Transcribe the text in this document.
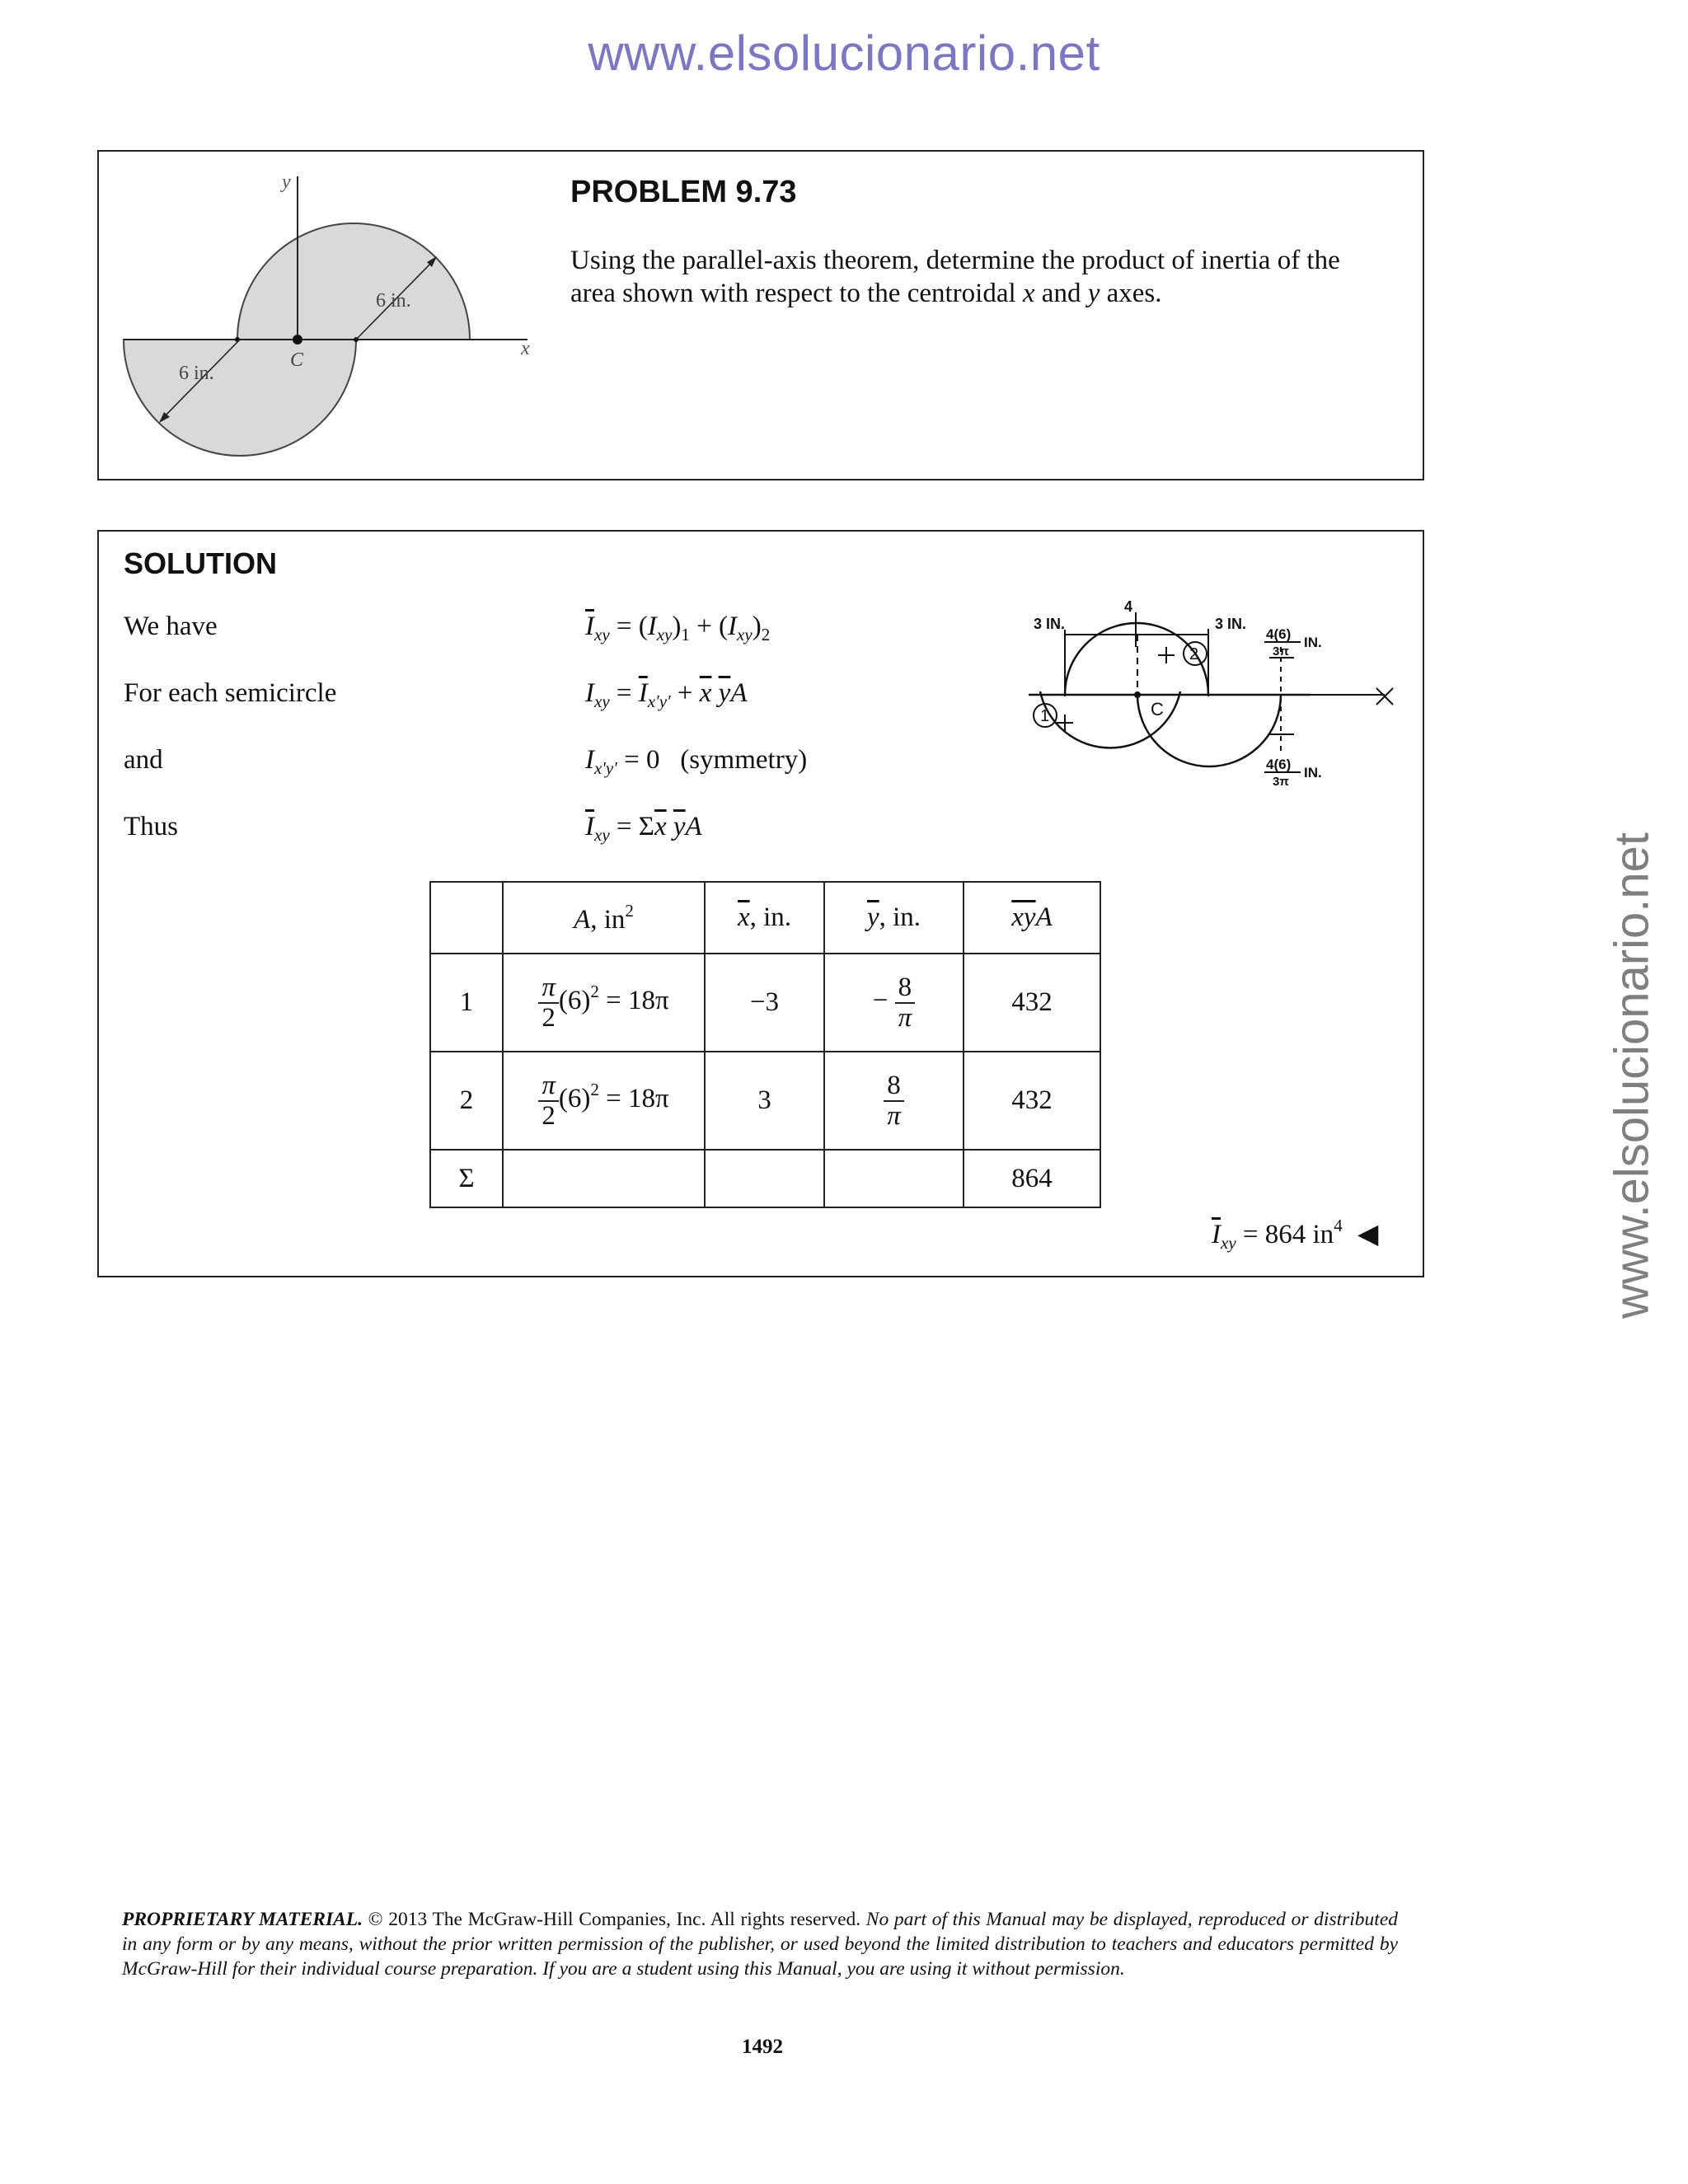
www.elsolucionario.net
www.elsolucionario.net
y
x
C
6 in.
6 in.
PROBLEM 9.73
Using the parallel-axis theorem, determine the product of inertia of the
area shown with respect to the centroidal x and y axes.
SOLUTION
We have
For each semicircle
and
Thus
$\overline{I}_{xy} = (I_{xy})_1 + (I_{xy})_2$
$I_{xy} = \overline{I}_{x'y'} + \overline{x}$ $\overline{y}A$
$I_{x'y'} = 0$ (symmetry)
$\overline{I}_{xy} = \Sigma\overline{x}$ $\overline{y}A$
2
1
3 IN.
4
3 IN.
4(6)
3π
IN.
4(6)
3π
IN.
C
	A, $in^2$	$\overline{x}$, in.	$\overline{y}$, in.	$\overline{xy}A$
1	$\frac{\pi}{2} (6)^2 = 18\pi$	−3	− $\frac{8}{\pi}$	432
2	$\frac{\pi}{2} (6)^2 = 18\pi$	3	$\frac{8}{\pi}$	432
Σ				864
$\overline{I}_{xy} = 864$ $in^4$ ◀
PROPRIETARY MATERIAL. © 2013 The McGraw-Hill Companies, Inc. All rights reserved. No part of this Manual may be displayed, reproduced or distributed in any form or by any means, without the prior written permission of the publisher, or used beyond the limited distribution to teachers and educators permitted by McGraw-Hill for their individual course preparation. If you are a student using this Manual, you are using it without permission.
1492
